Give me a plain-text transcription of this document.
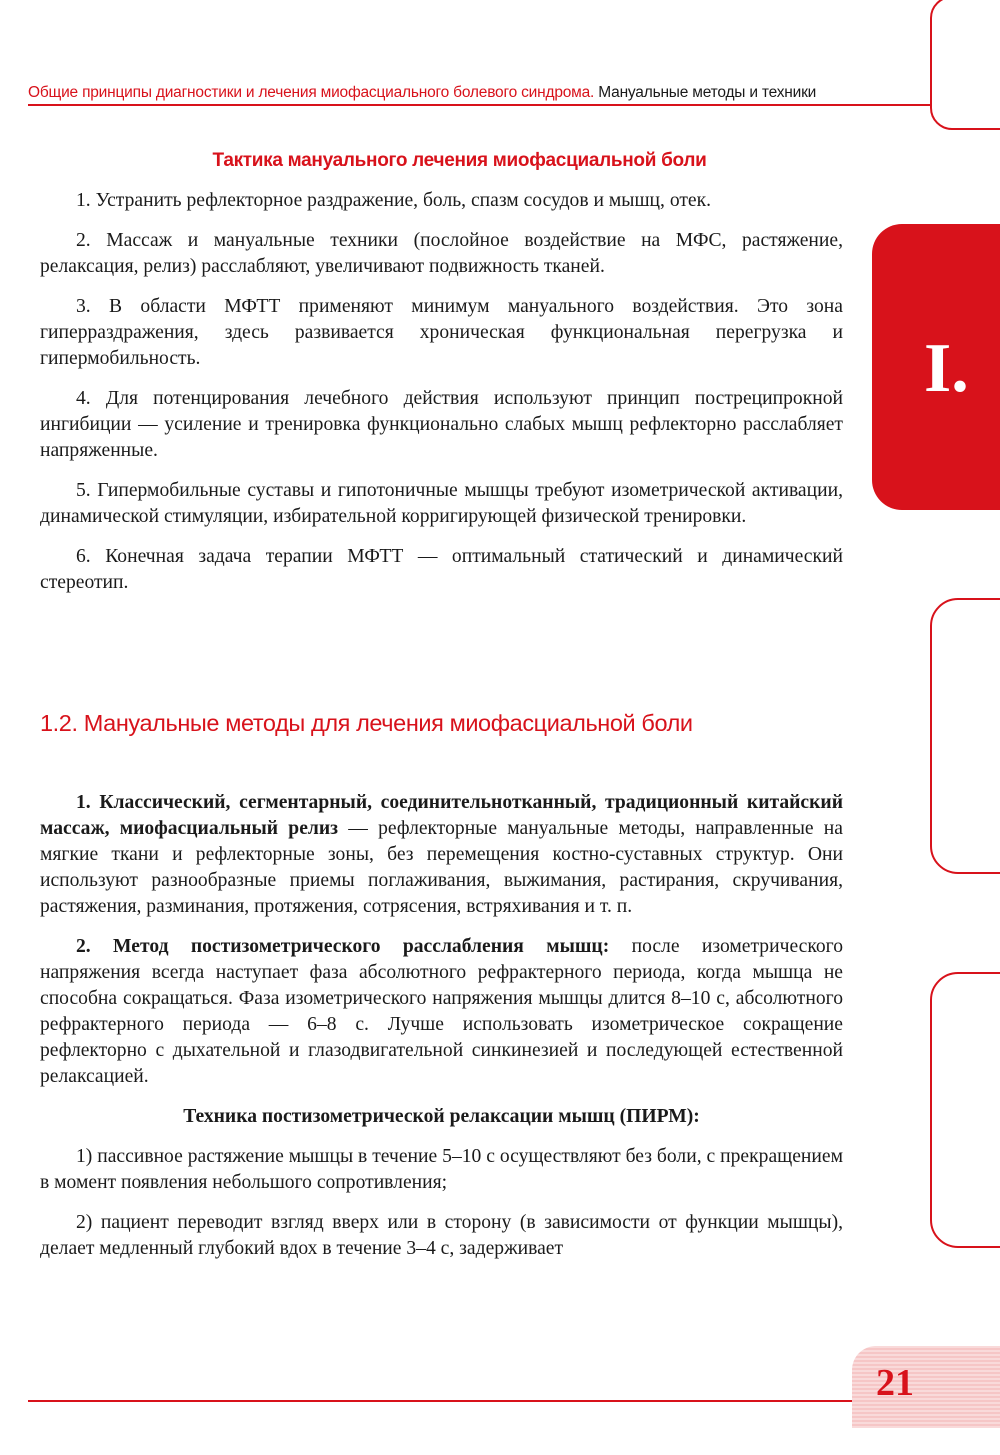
Общие принципы диагностики и лечения миофасциального болевого синдрома. Мануальные методы и техники
I.

Тактика мануального лечения миофасциальной боли

1. Устранить рефлекторное раздражение, боль, спазм сосудов и мышц, отек.

2. Массаж и мануальные техники (послойное воздействие на МФС, растяжение, релаксация, релиз) расслабляют, увеличивают подвижность тканей.

3. В области МФТТ применяют минимум мануального воздействия. Это зона гиперраздражения, здесь развивается хроническая функциональная перегрузка и гипермобильность.

4. Для потенцирования лечебного действия используют принцип постреципрокной ингибиции — усиление и тренировка функционально слабых мышц рефлекторно расслабляет напряженные.

5. Гипермобильные суставы и гипотоничные мышцы требуют изометрической активации, динамической стимуляции, избирательной корригирующей физической тренировки.

6. Конечная задача терапии МФТТ — оптимальный статический и динамический стереотип.

1.2. Мануальные методы для лечения миофасциальной боли

1. Классический, сегментарный, соединительнотканный, традиционный китайский массаж, миофасциальный релиз — рефлекторные мануальные методы, направленные на мягкие ткани и рефлекторные зоны, без перемещения костно-суставных структур. Они используют разнообразные приемы поглаживания, выжимания, растирания, скручивания, растяжения, разминания, протяжения, сотрясения, встряхивания и т. п.

2. Метод постизометрического расслабления мышц: после изометрического напряжения всегда наступает фаза абсолютного рефрактерного периода, когда мышца не способна сокращаться. Фаза изометрического напряжения мышцы длится 8–10 с, абсолютного рефрактерного периода — 6–8 с. Лучше использовать изометрическое сокращение рефлекторно с дыхательной и глазодвигательной синкинезией и последующей естественной релаксацией.

Техника постизометрической релаксации мышц (ПИРМ):

1) пассивное растяжение мышцы в течение 5–10 с осуществляют без боли, с прекращением в момент появления небольшого сопротивления;

2) пациент переводит взгляд вверх или в сторону (в зависимости от функции мышцы), делает медленный глубокий вдох в течение 3–4 с, задерживает

21
